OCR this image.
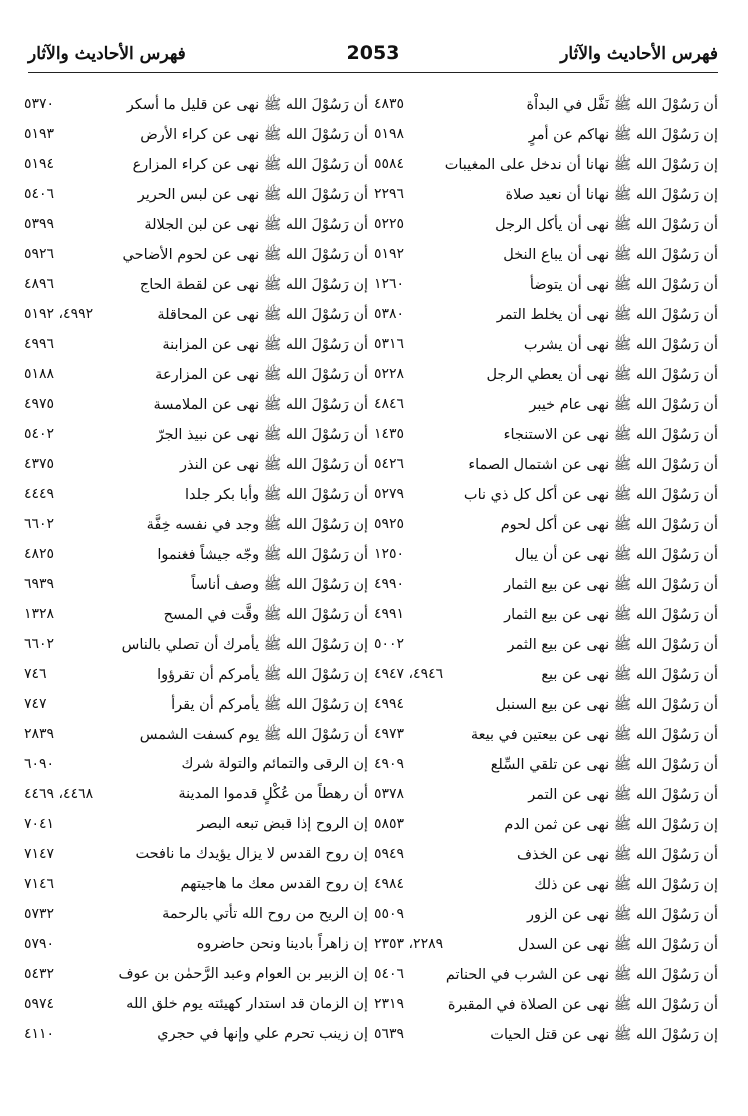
فهرس الأحاديث والآثار	2053	فهرس الأحاديث والآثار
أن رَسُوْلَ الله ﷺ نَفَّل في البداْة
٤٨٣٥
إن رَسُوْلَ الله ﷺ نهاكم عن أمرٍ
٥١٩٨
إن رَسُوْلَ الله ﷺ نهانا أن ندخل على المغيبات
٥٥٨٤
إن رَسُوْلَ الله ﷺ نهانا أن نعيد صلاة
٢٢٩٦
أن رَسُوْلَ الله ﷺ نهى أن يأكل الرجل
٥٢٢٥
أن رَسُوْلَ الله ﷺ نهى أن يباع النخل
٥١٩٢
أن رَسُوْلَ الله ﷺ نهى أن يتوضأ
١٢٦٠
أن رَسُوْلَ الله ﷺ نهى أن يخلط التمر
٥٣٨٠
أن رَسُوْلَ الله ﷺ نهى أن يشرب
٥٣١٦
أن رَسُوْلَ الله ﷺ نهى أن يعطي الرجل
٥٢٢٨
أن رَسُوْلَ الله ﷺ نهى عام خيبر
٤٨٤٦
أن رَسُوْلَ الله ﷺ نهى عن الاستنجاء
١٤٣٥
أن رَسُوْلَ الله ﷺ نهى عن اشتمال الصماء
٥٤٢٦
أن رَسُوْلَ الله ﷺ نهى عن أكل كل ذي ناب
٥٢٧٩
أن رَسُوْلَ الله ﷺ نهى عن أكل لحوم
٥٩٢٥
أن رَسُوْلَ الله ﷺ نهى عن أن يبال
١٢٥٠
أن رَسُوْلَ الله ﷺ نهى عن بيع الثمار
٤٩٩٠
أن رَسُوْلَ الله ﷺ نهى عن بيع الثمار
٤٩٩١
أن رَسُوْلَ الله ﷺ نهى عن بيع الثمر
٥٠٠٢
أن رَسُوْلَ الله ﷺ نهى عن بيع
٤٩٤٦، ٤٩٤٧
أن رَسُوْلَ الله ﷺ نهى عن بيع السنبل
٤٩٩٤
أن رَسُوْلَ الله ﷺ نهى عن بيعتين في بيعة
٤٩٧٣
أن رَسُوْلَ الله ﷺ نهى عن تلقي السِّلع
٤٩٠٩
أن رَسُوْلَ الله ﷺ نهى عن التمر
٥٣٧٨
إن رَسُوْلَ الله ﷺ نهى عن ثمن الدم
٥٨٥٣
أن رَسُوْلَ الله ﷺ نهى عن الخذف
٥٩٤٩
إن رَسُوْلَ الله ﷺ نهى عن ذلك
٤٩٨٤
أن رَسُوْلَ الله ﷺ نهى عن الزور
٥٥٠٩
أن رَسُوْلَ الله ﷺ نهى عن السدل
٢٢٨٩، ٢٣٥٣
أن رَسُوْلَ الله ﷺ نهى عن الشرب في الحناتم
٥٤٠٦
أن رَسُوْلَ الله ﷺ نهى عن الصلاة في المقبرة
٢٣١٩
إن رَسُوْلَ الله ﷺ نهى عن قتل الحيات
٥٦٣٩
أن رَسُوْلَ الله ﷺ نهى عن قليل ما أسكر
٥٣٧٠
أن رَسُوْلَ الله ﷺ نهى عن كراء الأرض
٥١٩٣
أن رَسُوْلَ الله ﷺ نهى عن كراء المزارع
٥١٩٤
أن رَسُوْلَ الله ﷺ نهى عن لبس الحرير
٥٤٠٦
أن رَسُوْلَ الله ﷺ نهى عن لبن الجلالة
٥٣٩٩
أن رَسُوْلَ الله ﷺ نهى عن لحوم الأضاحي
٥٩٢٦
إن رَسُوْلَ الله ﷺ نهى عن لقطة الحاج
٤٨٩٦
أن رَسُوْلَ الله ﷺ نهى عن المحاقلة
٤٩٩٢، ٥١٩٢
أن رَسُوْلَ الله ﷺ نهى عن المزابنة
٤٩٩٦
أن رَسُوْلَ الله ﷺ نهى عن المزارعة
٥١٨٨
أن رَسُوْلَ الله ﷺ نهى عن الملامسة
٤٩٧٥
أن رَسُوْلَ الله ﷺ نهى عن نبيذ الجرّ
٥٤٠٢
أن رَسُوْلَ الله ﷺ نهى عن النذر
٤٣٧٥
أن رَسُوْلَ الله ﷺ وأبا بكر جلدا
٤٤٤٩
إن رَسُوْلَ الله ﷺ وجد في نفسه خِفَّة
٦٦٠٢
أن رَسُوْلَ الله ﷺ وجّه جيشاً فغنموا
٤٨٢٥
إن رَسُوْلَ الله ﷺ وصف أناساً
٦٩٣٩
أن رَسُوْلَ الله ﷺ وقَّت في المسح
١٣٢٨
إن رَسُوْلَ الله ﷺ يأمرك أن تصلي بالناس
٦٦٠٢
إن رَسُوْلَ الله ﷺ يأمركم أن تقرؤوا
٧٤٦
إن رَسُوْلَ الله ﷺ يأمركم أن يقرأ
٧٤٧
أن رَسُوْلَ الله ﷺ يوم كسفت الشمس
٢٨٣٩
إن الرقى والتمائم والتولة شرك
٦٠٩٠
أن رهطاً من عُكْلٍ قدموا المدينة
٤٤٦٨، ٤٤٦٩
إن الروح إذا قبض تبعه البصر
٧٠٤١
إن روح القدس لا يزال يؤيدك ما نافحت
٧١٤٧
إن روح القدس معك ما هاجيتهم
٧١٤٦
إن الريح من روح الله تأتي بالرحمة
٥٧٣٢
إن زاهراً بادينا ونحن حاضروه
٥٧٩٠
إن الزبير بن العوام وعبد الرَّحمٰن بن عوف
٥٤٣٢
إن الزمان قد استدار كهيئته يوم خلق الله
٥٩٧٤
إن زينب تحرم علي وإنها في حجري
٤١١٠
